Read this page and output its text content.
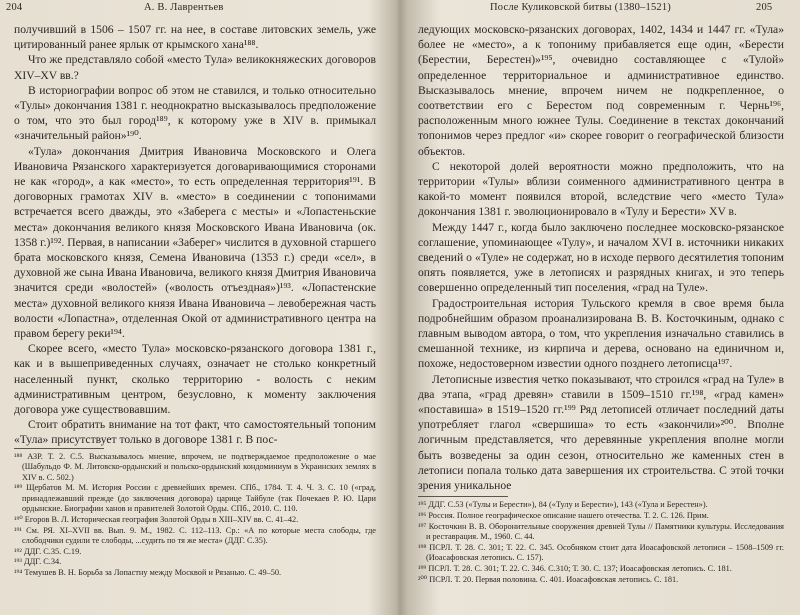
204	А. В. Лаврентьев

получивший в 1506 – 1507 гг. на нее, в составе литовских земель, уже цитированный ранее ярлык от крымского хана¹⁸⁸.

Что же представляло собой «место Тула» великокняжеских договоров XIV–XV вв.?

В историографии вопрос об этом не ставился, и только относительно «Тулы» докончания 1381 г. неоднократно высказывалось предположение о том, что это был город¹⁸⁹, к которому уже в XIV в. примыкал «значительный район»¹⁹⁰.

«Тула» докончания Дмитрия Ивановича Московского и Олега Ивановича Рязанского характеризуется договаривающимися сторонами не как «город», а как «место», то есть определенная территория¹⁹¹. В договорных грамотах XIV в. «место» в соединении с топонимами встречается всего дважды, это «Заберега с месты» и «Лопастеньские места» докончания великого князя Московского Ивана Ивановича (ок. 1358 г.)¹⁹². Первая, в написании «Заберег» числится в духовной старшего брата московского князя, Семена Ивановича (1353 г.) среди «сел», в духовной же сына Ивана Ивановича, великого князя Дмитрия Ивановича значится среди «волостей» («волость отъездная»)¹⁹³. «Лопастенские места» духовной великого князя Ивана Ивановича – левобережная часть волости «Лопастна», отделенная Окой от административного центра на правом берегу реки¹⁹⁴.

Скорее всего, «место Тула» московско-рязанского договора 1381 г., как и в вышеприведенных случаях, означает не столько конкретный населенный пункт, сколько территорию - волость с неким административным центром, безусловно, к моменту заключения договора уже существовавшим.

Стоит обратить внимание на тот факт, что самостоятельный топоним «Тула» присутствует только в договоре 1381 г. В пос-

¹⁸⁸ АЗР. Т. 2. С.5. Высказывалось мнение, впрочем, не подтверждаемое предположение о мае (Шабульдо Ф. М. Литовско-ордынский и польско-ордынский кондоминиум в Украинских землях в XIV в. С. 502.)
¹⁸⁹ Щербатов М. М. История России с древнейших времен. СПб., 1784. Т. 4. Ч. 3. С. 10 («град, принадлежавший прежде (до заключения договора) царице Тайбуле (так Почекаев Р. Ю. Цари ордынские. Биографии ханов и правителей Золотой Орды. СПб., 2010. С. 110.
¹⁹⁰ Егоров В. Л. Историческая география Золотой Орды в XIII–XIV вв. С. 41–42.
¹⁹¹ См. РЯ. XI–XVII вв. Вып. 9. М., 1982. С. 112–113. Ср.: «А по которые места слободы, где слободчики судили те слободы, ...судить по тя же места» (ДДГ. С.35).
¹⁹² ДДГ. С.35. С.19.
¹⁹³ ДДГ. С.34.
¹⁹⁴ Темушев В. Н. Борьба за Лопастну между Москвой и Рязанью. С. 49–50.
После Куликовской битвы (1380–1521)	205

ледующих московско-рязанских договорах, 1402, 1434 и 1447 гг. «Тула» более не «место», а к топониму прибавляется еще один, «Берести (Берестии, Берестен)»¹⁹⁵, очевидно составляющее с «Тулой» определенное территориальное и административное единство. Высказывалось мнение, впрочем ничем не подкрепленное, о соответствии его с Берестом под современным г. Чернь¹⁹⁶, расположенным много южнее Тулы. Соединение в текстах докончаний топонимов через предлог «и» скорее говорит о географической близости объектов.

С некоторой долей вероятности можно предположить, что на территории «Тулы» вблизи соименного административного центра в какой-то момент появился второй, вследствие чего «место Тула» докончания 1381 г. эволюционировало в «Тулу и Берести» XV в.

Между 1447 г., когда было заключено последнее московско-рязанское соглашение, упоминающее «Тулу», и началом XVI в. источники никаких сведений о «Туле» не содержат, но в исходе первого десятилетия топоним опять появляется, уже в летописях и разрядных книгах, и это теперь совершенно определенный тип поселения, «град на Туле».

Градостроительная история Тульского кремля в свое время была подробнейшим образом проанализирована В. В. Косточкиным, однако с главным выводом автора, о том, что укрепления изначально ставились в смешанной технике, из кирпича и дерева, основано на единичном и, похоже, недостоверном известии одного позднего летописца¹⁹⁷.

Летописные известия четко показывают, что строился «град на Туле» в два этапа, «град древян» ставили в 1509–1510 гг.¹⁹⁸, «град камен» «поставиша» в 1519–1520 гг.¹⁹⁹ Ряд летописей отличает последний даты употребляет глагол «свершиша» то есть «закончили»²⁰⁰. Вполне логичным представляется, что деревянные укрепления вполне могли быть возведены за один сезон, относительно же каменных стен в летописи попала только дата завершения их строительства. С этой точки зрения уникальное

¹⁹⁵ ДДГ. С.53 («Тулы и Берести»), 84 («Тулу и Берести»), 143 («Тула и Берестен»).
¹⁹⁶ Россия. Полное географическое описание нашего отечества. Т. 2. С. 126. Прим.
¹⁹⁷ Косточкин В. В. Оборонительные сооружения древней Тулы // Памятники культуры. Исследования и реставрация. М., 1960. С. 44.
¹⁹⁸ ПСРЛ. Т. 28. С. 301; Т. 22. С. 345. Особняком стоит дата Иоасафовской летописи – 1508–1509 гг. (Иоасафовская летопись. С. 157).
¹⁹⁹ ПСРЛ. Т. 28. С. 301; Т. 22. С. 346. С.310; Т. 30. С. 137; Иоасафовская летопись. С. 181.
²⁰⁰ ПСРЛ. Т. 20. Первая половина. С. 401. Иоасафовская летопись. С. 181.
